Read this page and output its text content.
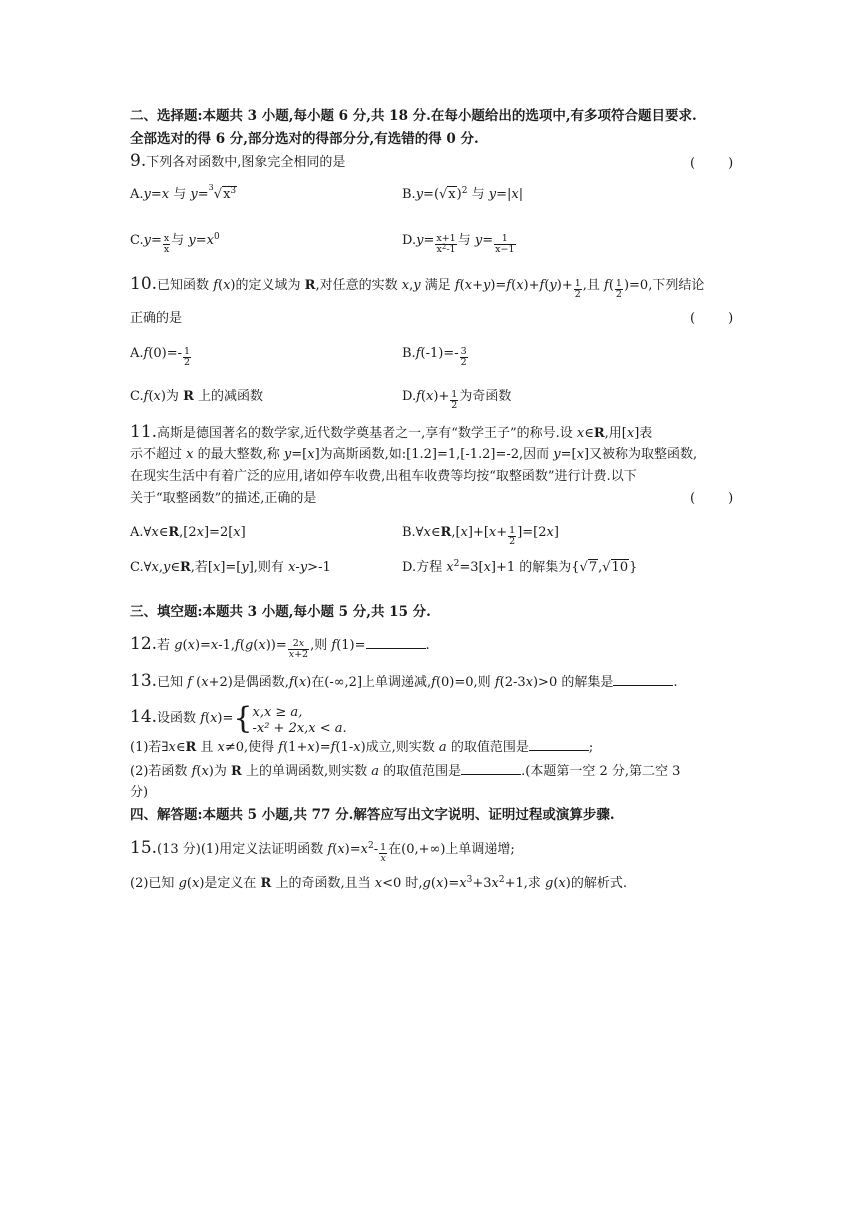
二、选择题:本题共 3 小题,每小题 6 分,共 18 分.在每小题给出的选项中,有多项符合题目要求.
全部选对的得 6 分,部分选对的得部分分,有选错的得 0 分.
9.下列各对函数中,图象完全相同的是	(        )
A.y=x 与 $y=^3√x^3$	$B.y=(√x)^2$ 与 y=|x|
$C.y= \frac{x}{x}$ 与 $y=x^0$	$D.y= \frac{x+1}{x^2-1}$ 与 $y= \frac{1}{x-1}$
10.已知函数 f(x)的定义域为 R,对任意的实数 x,y 满足 $f(x+y)=f(x)+f(y)+ \frac{1}{2}$ ,且 $f( \frac{1}{2} )=0$,下列结论
正确的是	(        )
$A.f(0)=- \frac{1}{2}$	$B.f(-1)=- \frac{3}{2}$
C.f(x)为 R 上的减函数	$D.f(x)+ \frac{1}{2}$ 为奇函数
11.高斯是德国著名的数学家,近代数学奠基者之一,享有“数学王子”的称号.设 x∈R,用[x]表
示不超过 x 的最大整数,称 y=[x]为高斯函数,如:[1.2]=1,[-1.2]=-2,因而 y=[x]又被称为取整函数,
在现实生活中有着广泛的应用,诸如停车收费,出租车收费等均按“取整函数”进行计费.以下
关于“取整函数”的描述,正确的是	(        )
A.∀x∈R,[2x]=2[x]	B.∀x∈R,[x]+[x+ $\frac{1}{2} ]=[2x]$
C.∀x,y∈R,若[x]=[y],则有 x-y>-1	D.方程 $x^2=3[x]+1$ 的解集为{√7,√10}
三、填空题:本题共 3 小题,每小题 5 分,共 15 分.
12.若 $g(x)=x-1,f(g(x))= \frac{2x}{x+2}$ ,则 f(1)=	.
13.已知 f (x+2)是偶函数,f(x)在(-∞,2]上单调递减,f(0)=0,则 f(2-3x)>0 的解集是	.
14.设函数 f(x)={ x,x ≥ a,
-x² + 2x,x < a.
(1)若∃x∈R 且 x≠0,使得 f(1+x)=f(1-x)成立,则实数 a 的取值范围是	;
(2)若函数 f(x)为 R 上的单调函数,则实数 a 的取值范围是	.(本题第一空 2 分,第二空 3
分)
四、解答题:本题共 5 小题,共 77 分.解答应写出文字说明、证明过程或演算步骤.
15.(13 分)(1)用定义法证明函数 $f(x)=x^2- \frac{1}{x}$ 在(0,+∞)上单调递增;
(2)已知 g(x)是定义在 R 上的奇函数,且当 x<0 时$,g(x)=x^3+3x^2+1$,求 g(x)的解析式.
